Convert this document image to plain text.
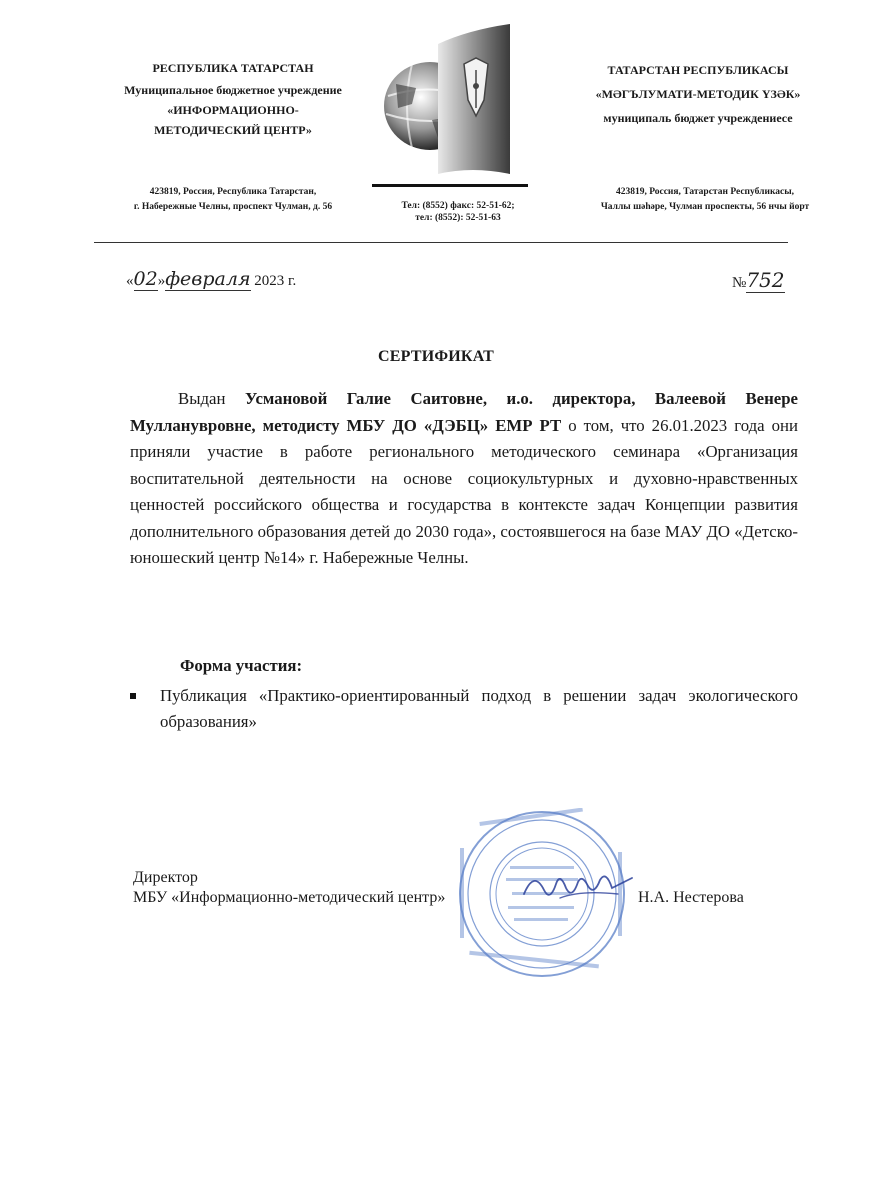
РЕСПУБЛИКА ТАТАРСТАН
Муниципальное бюджетное учреждение
«ИНФОРМАЦИОННО-
МЕТОДИЧЕСКИЙ ЦЕНТР»
ТАТАРСТАН РЕСПУБЛИКАСЫ
«МӘГЪЛУМАТИ-МЕТОДИК ҮЗӘК»
муниципаль бюджет учреждениесе
423819, Россия, Республика Татарстан,
г. Набережные Челны, проспект Чулман, д. 56	Тел: (8552) факс: 52-51-62;
тел: (8552): 52-51-63
423819, Россия, Татарстан Республикасы,
Чаллы шәһәре, Чулман проспекты, 56 нчы йорт
«02»февраля 2023 г.	№752
СЕРТИФИКАТ
Выдан Усмановой Галие Саитовне, и.о. директора, Валеевой Венере Мулланувровне, методисту МБУ ДО «ДЭБЦ» ЕМР РТ о том, что 26.01.2023 года они приняли участие в работе регионального методического семинара «Организация воспитательной деятельности на основе социокультурных и духовно-нравственных ценностей российского общества и государства в контексте задач Концепции развития дополнительного образования детей до 2030 года», состоявшегося на базе МАУ ДО «Детско-юношеский центр №14» г. Набережные Челны.
Форма участия:
Публикация «Практико-ориентированный подход в решении задач экологического образования»
Директор
МБУ «Информационно-методический центр»	Н.А. Нестерова
